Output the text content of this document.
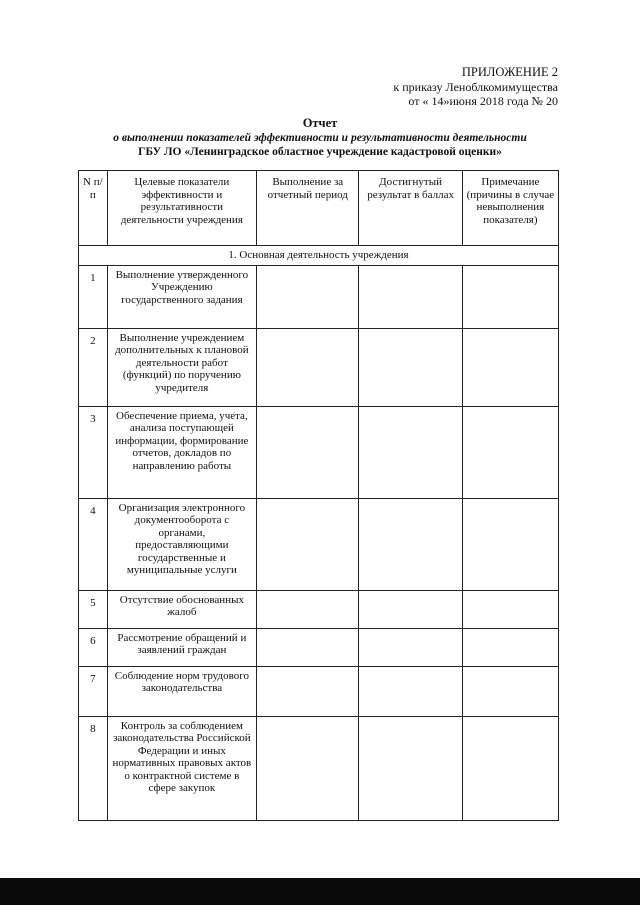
ПРИЛОЖЕНИЕ 2
к приказу Леноблкомимущества
от « 14»июня 2018 года № 20
Отчет
о выполнении показателей эффективности и результативности деятельности
ГБУ ЛО «Ленинградское областное учреждение кадастровой оценки»
N п/п	Целевые показатели эффективности и результативности деятельности учреждения	Выполнение за отчетный период	Достигнутый результат в баллах	Примечание (причины в случае невыполнения показателя)
1. Основная деятельность учреждения				
1	Выполнение утвержденного Учреждению государственного задания			
2	Выполнение учреждением дополнительных к плановой деятельности работ (функций) по поручению учредителя			
3	Обеспечение приема, учета, анализа поступающей информации, формирование отчетов, докладов по направлению работы			
4	Организация электронного документооборота с органами, предоставляющими государственные и муниципальные услуги			
5	Отсутствие обоснованных жалоб			
6	Рассмотрение обращений и заявлений граждан			
7	Соблюдение норм трудового законодательства			
8	Контроль за соблюдением законодательства Российской Федерации и иных нормативных правовых актов о контрактной системе в сфере закупок			
